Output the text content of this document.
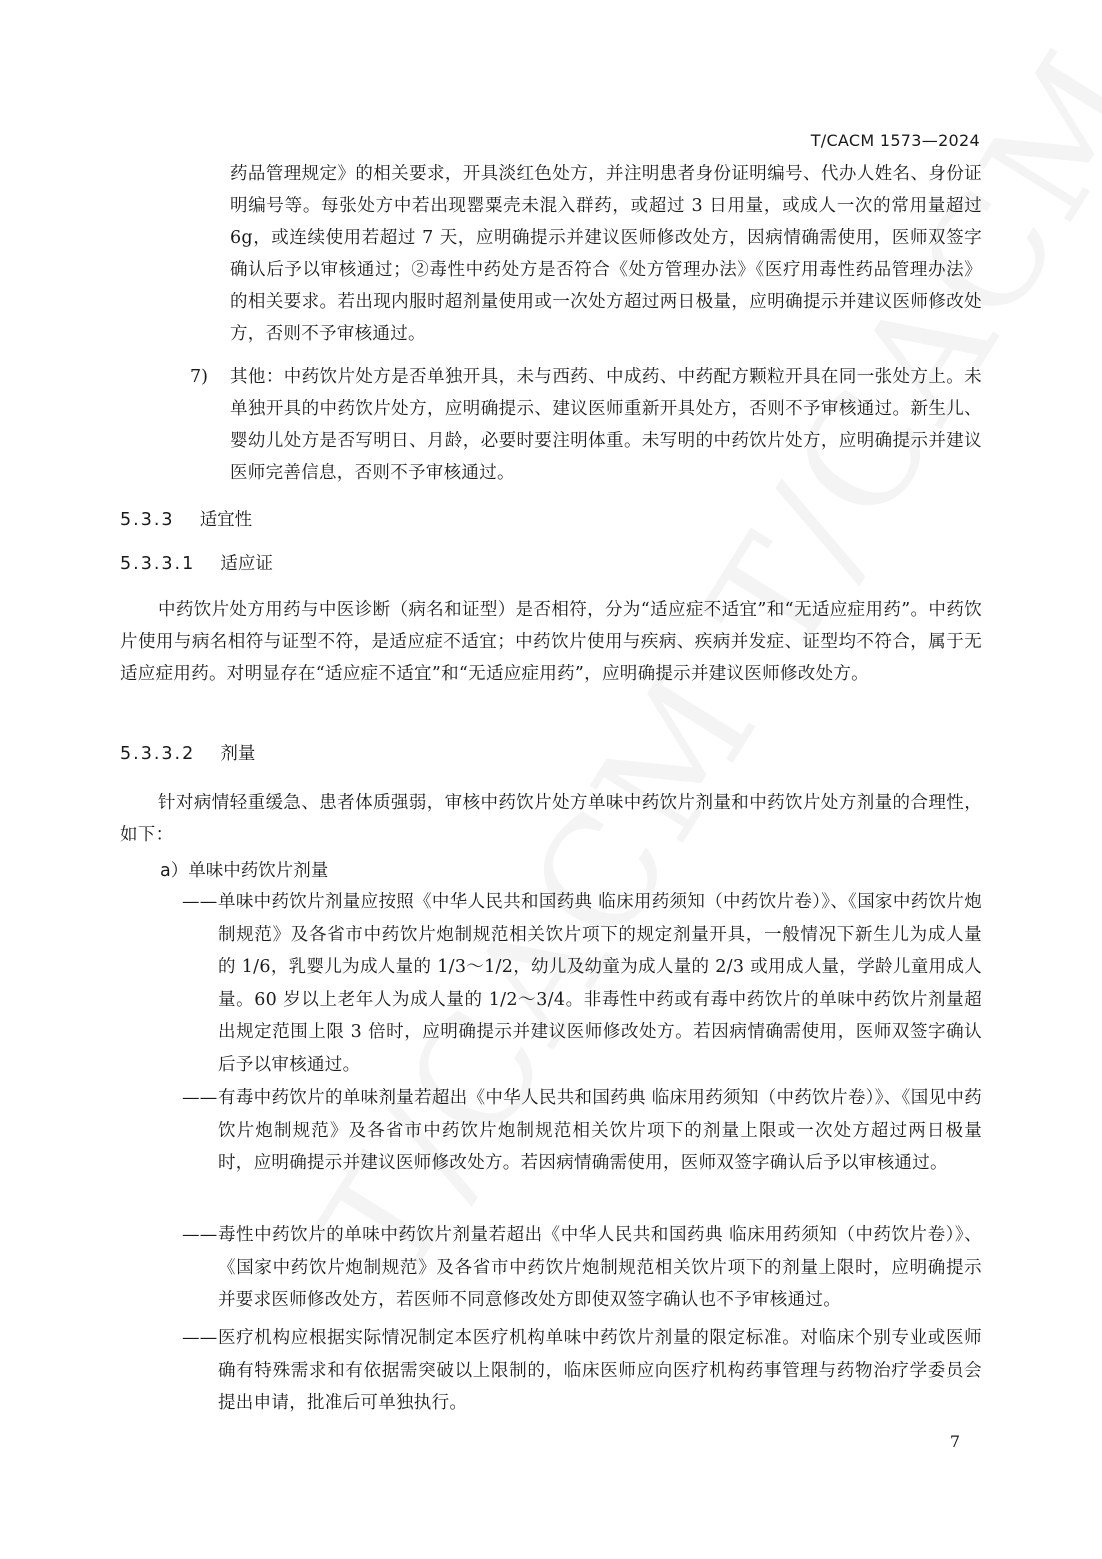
T/CACM 1573—2024
药品管理规定》的相关要求，开具淡红色处方，并注明患者身份证明编号、代办人姓名、身份证明编号等。每张处方中若出现罂粟壳未混入群药，或超过 3 日用量，或成人一次的常用量超过 6g，或连续使用若超过 7 天，应明确提示并建议医师修改处方，因病情确需使用，医师双签字确认后予以审核通过；②毒性中药处方是否符合《处方管理办法》《医疗用毒性药品管理办法》的相关要求。若出现内服时超剂量使用或一次处方超过两日极量，应明确提示并建议医师修改处方，否则不予审核通过。
7) 其他：中药饮片处方是否单独开具，未与西药、中成药、中药配方颗粒开具在同一张处方上。未单独开具的中药饮片处方，应明确提示、建议医师重新开具处方，否则不予审核通过。新生儿、婴幼儿处方是否写明日、月龄，必要时要注明体重。未写明的中药饮片处方，应明确提示并建议医师完善信息，否则不予审核通过。
5.3.3 适宜性
5.3.3.1 适应证
中药饮片处方用药与中医诊断（病名和证型）是否相符，分为“适应症不适宜”和“无适应症用药”。中药饮片使用与病名相符与证型不符，是适应症不适宜；中药饮片使用与疾病、疾病并发症、证型均不符合，属于无适应症用药。对明显存在“适应症不适宜”和“无适应症用药”，应明确提示并建议医师修改处方。
5.3.3.2 剂量
针对病情轻重缓急、患者体质强弱，审核中药饮片处方单味中药饮片剂量和中药饮片处方剂量的合理性，如下：
a）单味中药饮片剂量
—— 单味中药饮片剂量应按照《中华人民共和国药典 临床用药须知（中药饮片卷）》、《国家中药饮片炮制规范》及各省市中药饮片炮制规范相关饮片项下的规定剂量开具，一般情况下新生儿为成人量的 1/6，乳婴儿为成人量的 1/3～1/2，幼儿及幼童为成人量的 2/3 或用成人量，学龄儿童用成人量。60 岁以上老年人为成人量的 1/2～3/4。非毒性中药或有毒中药饮片的单味中药饮片剂量超出规定范围上限 3 倍时，应明确提示并建议医师修改处方。若因病情确需使用，医师双签字确认后予以审核通过。
—— 有毒中药饮片的单味剂量若超出《中华人民共和国药典 临床用药须知（中药饮片卷）》、《国见中药饮片炮制规范》及各省市中药饮片炮制规范相关饮片项下的剂量上限或一次处方超过两日极量时，应明确提示并建议医师修改处方。若因病情确需使用，医师双签字确认后予以审核通过。
—— 毒性中药饮片的单味中药饮片剂量若超出《中华人民共和国药典 临床用药须知（中药饮片卷）》、《国家中药饮片炮制规范》及各省市中药饮片炮制规范相关饮片项下的剂量上限时，应明确提示并要求医师修改处方，若医师不同意修改处方即使双签字确认也不予审核通过。
—— 医疗机构应根据实际情况制定本医疗机构单味中药饮片剂量的限定标准。对临床个别专业或医师确有特殊需求和有依据需突破以上限制的，临床医师应向医疗机构药事管理与药物治疗学委员会提出申请，批准后可单独执行。
7
